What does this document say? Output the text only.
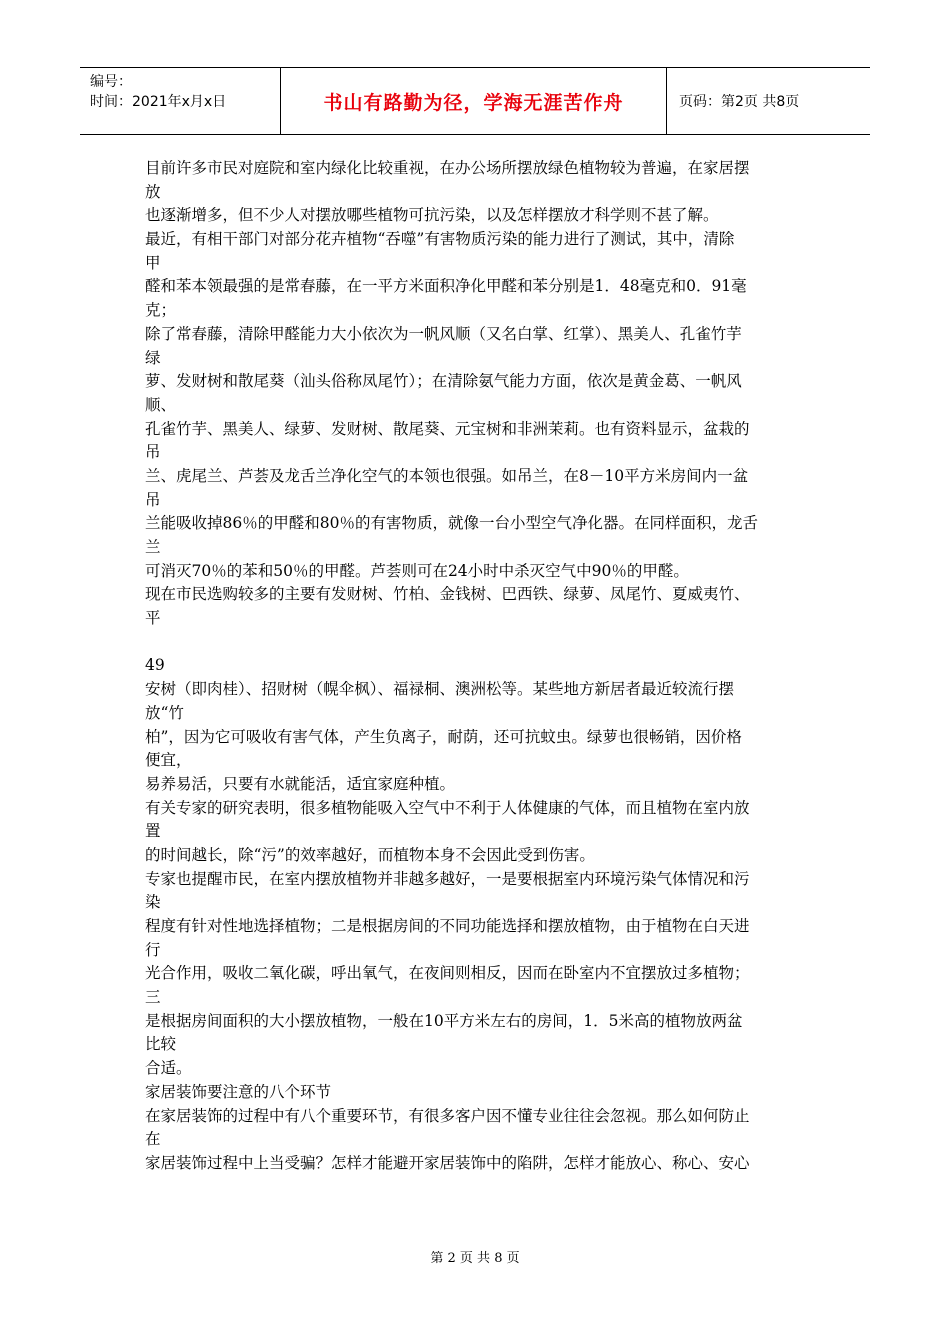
编号：
时间：2021年x月x日	书山有路勤为径，学海无涯苦作舟	页码：第2页 共8页
目前许多市民对庭院和室内绿化比较重视，在办公场所摆放绿色植物较为普遍，在家居摆
放
也逐渐增多，但不少人对摆放哪些植物可抗污染，以及怎样摆放才科学则不甚了解。
最近，有相干部门对部分花卉植物“吞噬”有害物质污染的能力进行了测试，其中，清除
甲
醛和苯本领最强的是常春藤，在一平方米面积净化甲醛和苯分别是1．48毫克和0．91毫
克；
除了常春藤，清除甲醛能力大小依次为一帆风顺（又名白掌、红掌）、黑美人、孔雀竹芋
绿
萝、发财树和散尾葵（汕头俗称凤尾竹）；在清除氨气能力方面，依次是黄金葛、一帆风
顺、
孔雀竹芋、黑美人、绿萝、发财树、散尾葵、元宝树和非洲茉莉。也有资料显示，盆栽的
吊
兰、虎尾兰、芦荟及龙舌兰净化空气的本领也很强。如吊兰，在8－10平方米房间内一盆
吊
兰能吸收掉86％的甲醛和80％的有害物质，就像一台小型空气净化器。在同样面积，龙舌
兰
可消灭70％的苯和50％的甲醛。芦荟则可在24小时中杀灭空气中90％的甲醛。
现在市民选购较多的主要有发财树、竹柏、金钱树、巴西铁、绿萝、凤尾竹、夏威夷竹、
平
49
安树（即肉桂）、招财树（幌伞枫）、福禄桐、澳洲松等。某些地方新居者最近较流行摆
放“竹
柏”，因为它可吸收有害气体，产生负离子，耐荫，还可抗蚊虫。绿萝也很畅销，因价格
便宜，
易养易活，只要有水就能活，适宜家庭种植。
有关专家的研究表明，很多植物能吸入空气中不利于人体健康的气体，而且植物在室内放
置
的时间越长，除“污”的效率越好，而植物本身不会因此受到伤害。
专家也提醒市民，在室内摆放植物并非越多越好，一是要根据室内环境污染气体情况和污
染
程度有针对性地选择植物；二是根据房间的不同功能选择和摆放植物，由于植物在白天进
行
光合作用，吸收二氧化碳，呼出氧气，在夜间则相反，因而在卧室内不宜摆放过多植物；
三
是根据房间面积的大小摆放植物，一般在10平方米左右的房间，1．5米高的植物放两盆
比较
合适。
家居装饰要注意的八个环节
在家居装饰的过程中有八个重要环节，有很多客户因不懂专业往往会忽视。那么如何防止
在
家居装饰过程中上当受骗？怎样才能避开家居装饰中的陷阱，怎样才能放心、称心、安心
第 2 页 共 8 页
